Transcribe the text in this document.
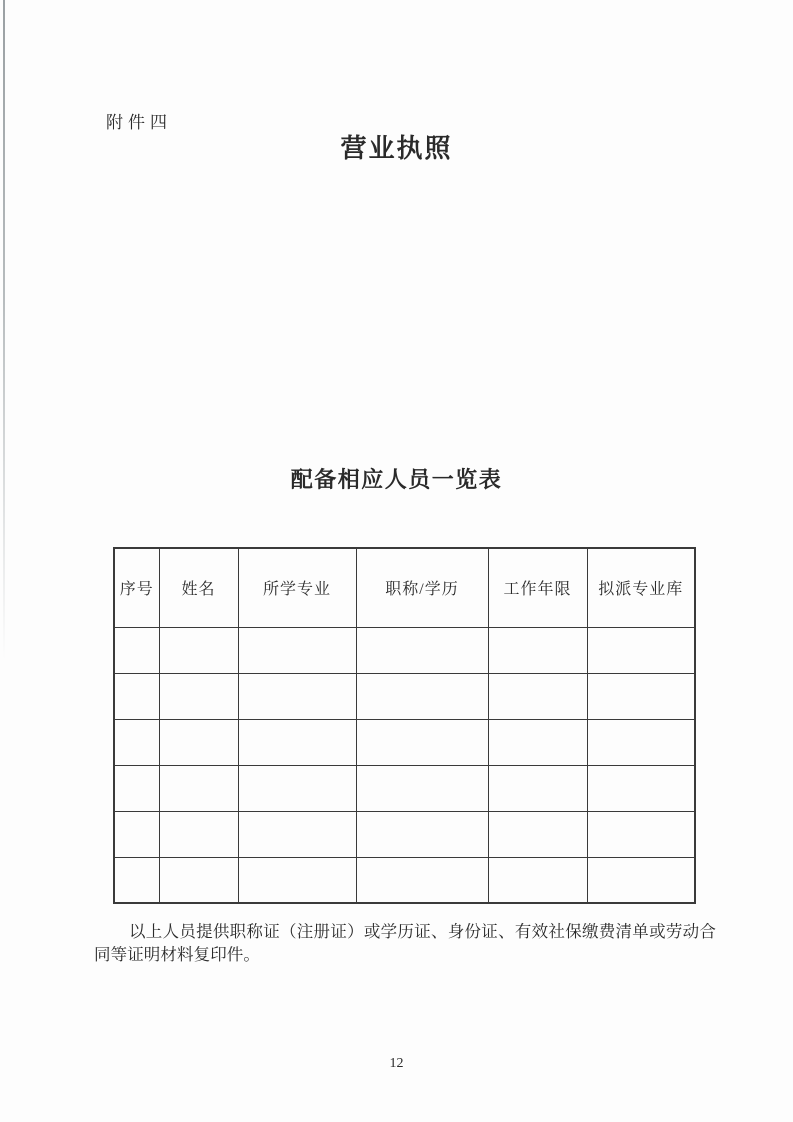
附件四
营业执照
配备相应人员一览表
序号	姓名	所学专业	职称/学历	工作年限	拟派专业库

以上人员提供职称证（注册证）或学历证、身份证、有效社保缴费清单或劳动合同等证明材料复印件。

12
